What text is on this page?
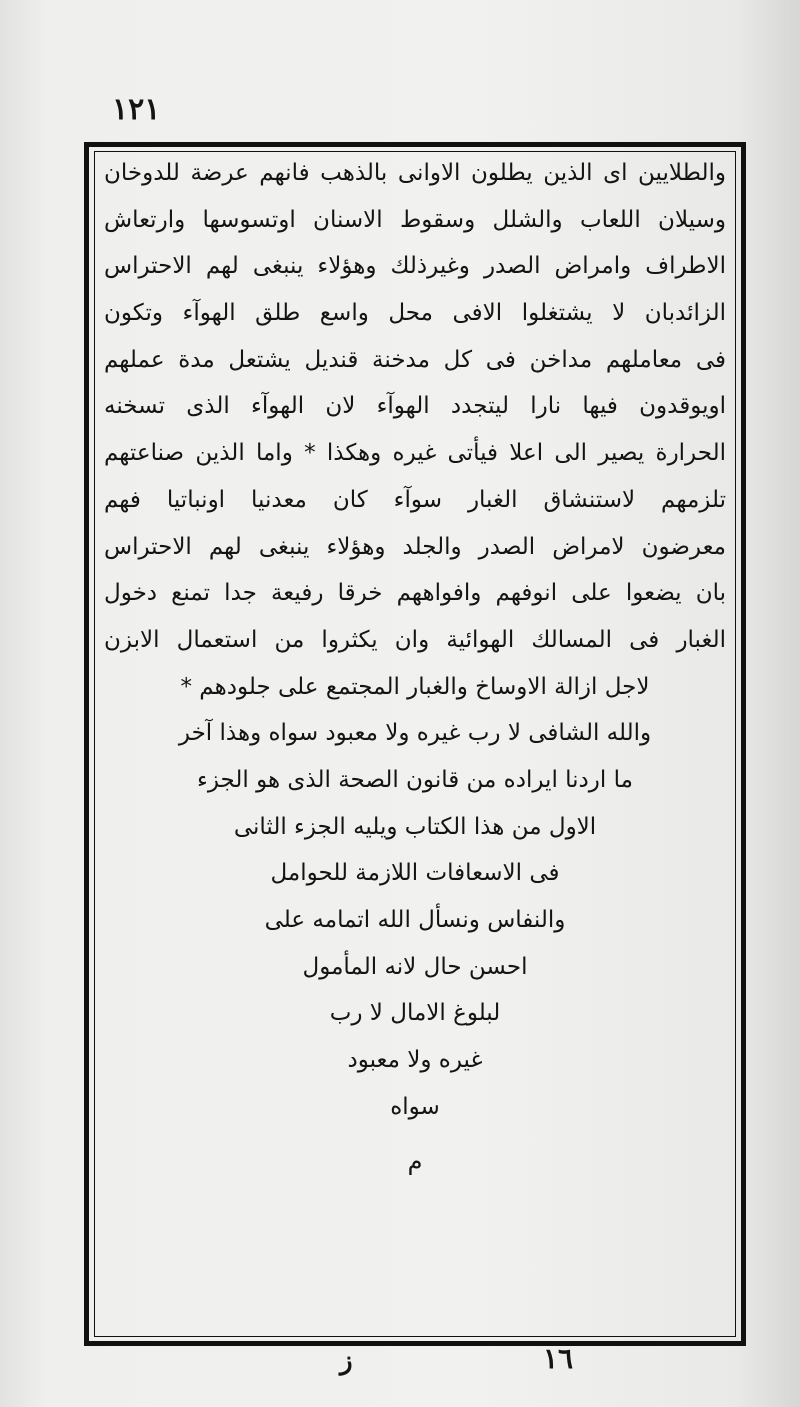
١٢١
والطلايين اى الذين يطلون الاوانى بالذهب فانهم عرضة للدوخان
وسيلان اللعاب والشلل وسقوط الاسنان اوتسوسها وارتعاش
الاطراف وامراض الصدر وغيرذلك وهؤلاء ينبغى لهم الاحتراس
الزائدبان لا يشتغلوا الافى محل واسع طلق الهوآء وتكون
فى معاملهم مداخن فى كل مدخنة قنديل يشتعل مدة عملهم
اويوقدون فيها نارا ليتجدد الهوآء لان الهوآء الذى تسخنه
الحرارة يصير الى اعلا فيأتى غيره وهكذا * واما الذين صناعتهم
تلزمهم لاستنشاق الغبار سوآء كان معدنيا اونباتيا فهم
معرضون لامراض الصدر والجلد وهؤلاء ينبغى لهم الاحتراس
بان يضعوا على انوفهم وافواههم خرقا رفيعة جدا تمنع دخول
الغبار فى المسالك الهوائية وان يكثروا من استعمال الابزن
لاجل ازالة الاوساخ والغبار المجتمع على جلودهم *
والله الشافى لا رب غيره ولا معبود سواه وهذا آخر
ما اردنا ايراده من قانون الصحة الذى هو الجزء
الاول من هذا الكتاب ويليه الجزء الثانى
فى الاسعافات اللازمة للحوامل
والنفاس ونسأل الله اتمامه على
احسن حال لانه المأمول
لبلوغ الامال لا رب
غيره ولا معبود
سواه
م
ز	١٦
